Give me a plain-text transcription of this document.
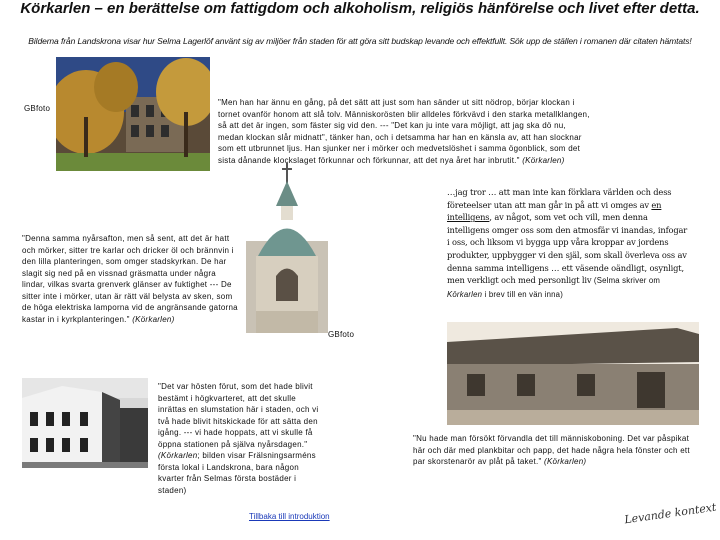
Körkarlen – en berättelse om fattigdom och alkoholism, religiös hänförelse och livet efter detta.
Bilderna från Landskrona visar hur Selma Lagerlöf använt sig av miljöer från staden för att göra sitt budskap levande och effektfullt. Sök upp de ställen i romanen där citaten hämtats!
GBfoto
GBfoto
"Men han har ännu en gång, på det sätt att just som han sänder ut sitt nödrop, börjar klockan i tornet ovanför honom att slå tolv. Människorösten blir alldeles förkvävd i den starka metallklangen, så att det är ingen, som fäster sig vid den. --- "Det kan ju inte vara möjligt, att jag ska dö nu, medan klockan slår midnatt", tänker han, och i detsamma har han en känsla av, att han slocknar som ett utbrunnet ljus. Han sjunker ner i mörker och medvetslöshet i samma ögonblick, som det sista dånande klockslaget förkunnar och förkunnar, att det nya året har inbrutit." (Körkarlen)
…jag tror … att man inte kan förklara världen och dess företeelser utan att man går in på att vi omges av en intelligens, av något, som vet och vill, men denna intelligens omger oss som den atmosfär vi inandas, infogar i oss, och liksom vi bygga upp våra kroppar av jordens produkter, uppbygger vi den själ, som skall överleva oss av denna samma intelligens … ett väsende oändligt, osynligt, men verkligt och med personligt liv (Selma skriver om Körkarlen i brev till en vän inna)
"Denna samma nyårsafton, men så sent, att det är hatt och mörker, sitter tre karlar och dricker öl och brännvin i den lilla planteringen, som omger stadskyrkan. De har slagit sig ned på en vissnad gräsmatta under några lindar, vilkas svarta grenverk glänser av fuktighet --- De sitter inte i mörker, utan är rätt väl belysta av sken, som de höga elektriska lamporna vid de angränsande gatorna kastar in i kyrkplanteringen." (Körkarlen)
"Det var hösten förut, som det hade blivit bestämt i högkvarteret, att det skulle inrättas en slumstation här i staden, och vi två hade blivit hitskickade för att sätta den igång. --- vi hade hoppats, att vi skulle få öppna stationen på själva nyårsdagen." (Körkarlen; bilden visar Frälsningsarméns första lokal i Landskrona, bara någon kvarter från Selmas första bostäder i staden)
"Nu hade man försökt förvandla det till människoboning. Det var påspikat här och där med plankbitar och papp, det hade några hela fönster och ett par skorstenarör av plåt på taket." (Körkarlen)
Tillbaka till introduktion	Levande kontext
